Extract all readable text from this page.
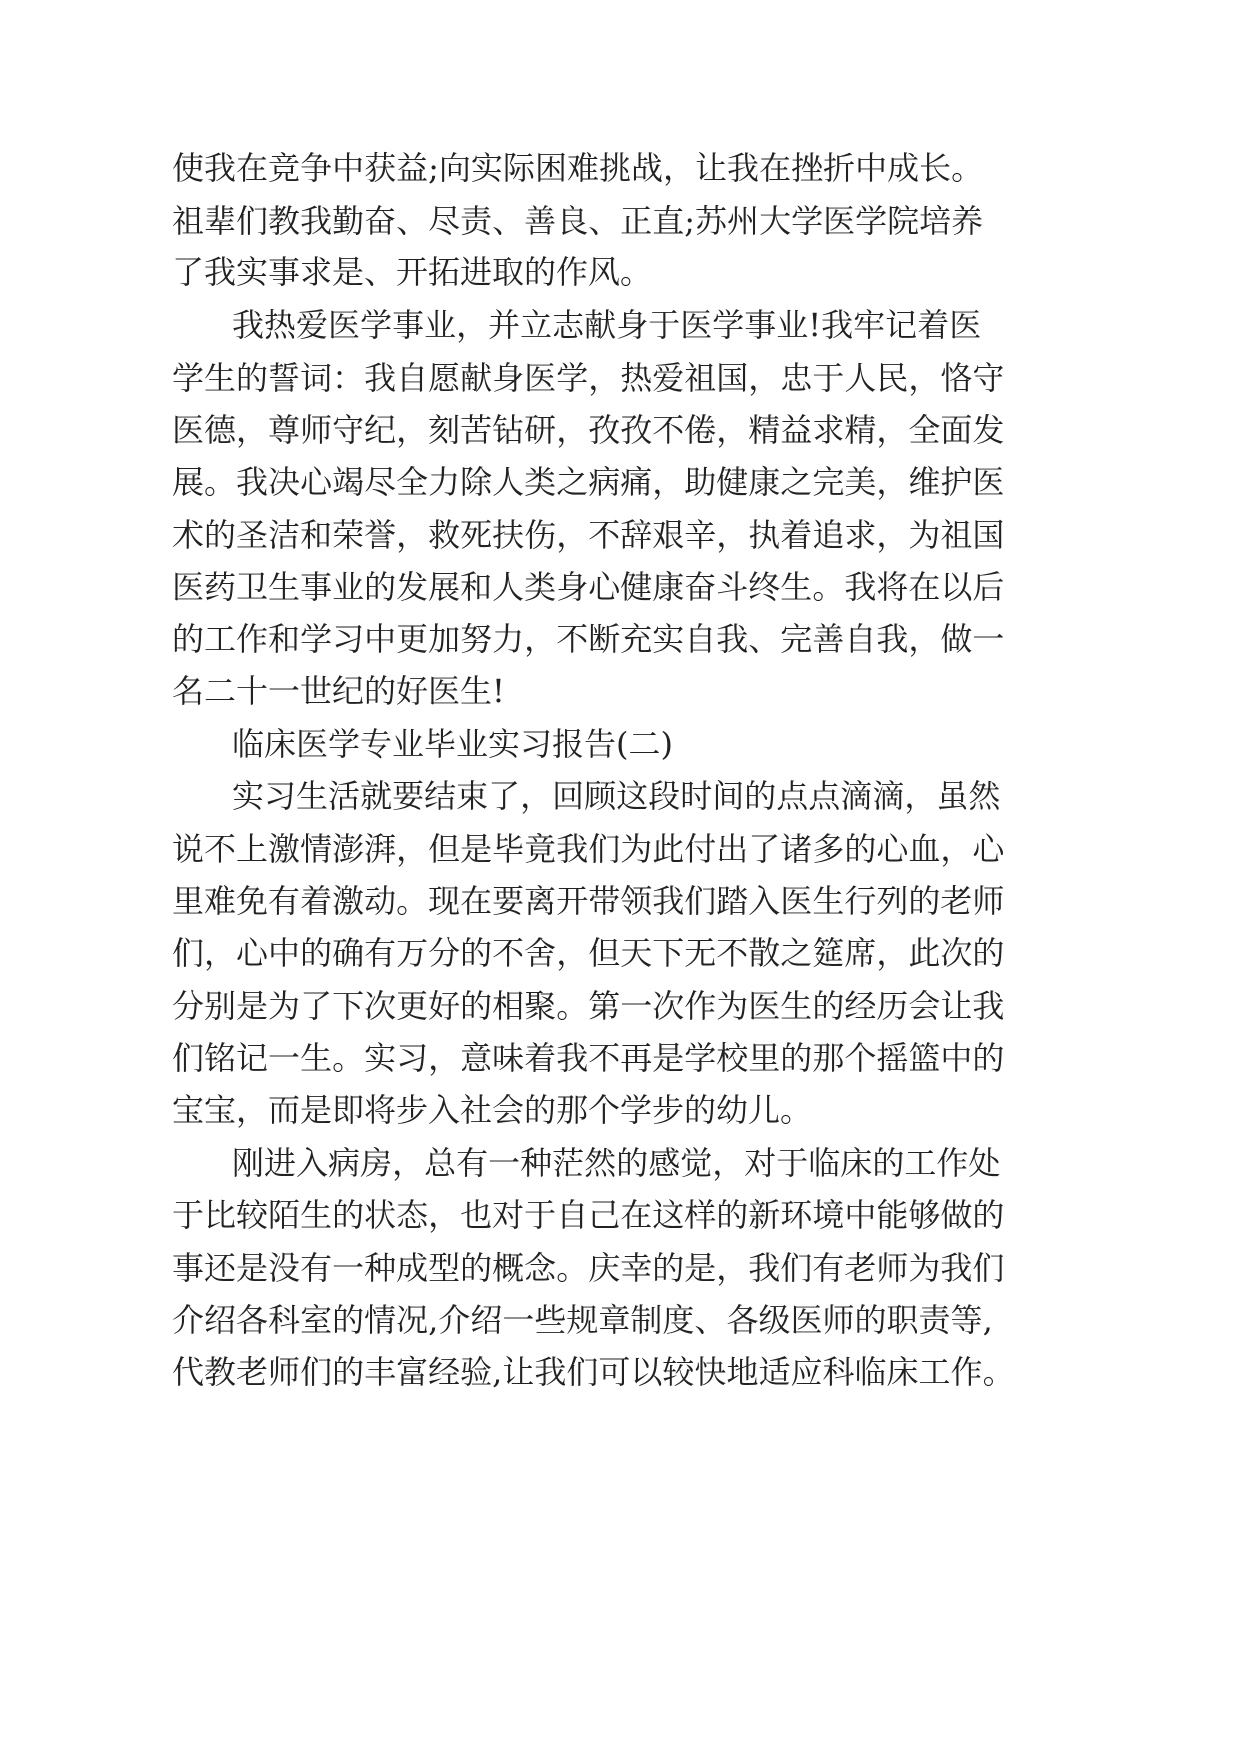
使 我 在 竞 争 中 获 益 ; 向 实 际 困 难 挑 战 ， 让 我 在 挫 折 中 成 长 。
祖 辈 们 教 我 勤 奋 、 尽 责 、 善 良 、 正 直 ; 苏 州 大 学 医 学 院 培 养
了我实事求是、开拓进取的作风。
我 热 爱 医 学 事 业 ， 并 立 志 献 身 于 医 学 事 业 ! 我 牢 记 着 医
学 生 的 誓 词 ： 我 自 愿 献 身 医 学 ， 热 爱 祖 国 ， 忠 于 人 民 ， 恪 守
医 德 ， 尊 师 守 纪 ， 刻 苦 钻 研 ， 孜 孜 不 倦 ， 精 益 求 精 ， 全 面 发
展 。 我 决 心 竭 尽 全 力 除 人 类 之 病 痛 ， 助 健 康 之 完 美 ， 维 护 医
术 的 圣 洁 和 荣 誉 ， 救 死 扶 伤 ， 不 辞 艰 辛 ， 执 着 追 求 ， 为 祖 国
医 药 卫 生 事 业 的 发 展 和 人 类 身 心 健 康 奋 斗 终 生 。 我 将 在 以 后
的 工 作 和 学 习 中 更 加 努 力 ， 不 断 充 实 自 我 、 完 善 自 我 ， 做 一
名二十一世纪的好医生!
临床医学专业毕业实习报告(二)
实 习 生 活 就 要 结 束 了 ， 回 顾 这 段 时 间 的 点 点 滴 滴 ， 虽 然
说 不 上 激 情 澎 湃 ， 但 是 毕 竟 我 们 为 此 付 出 了 诸 多 的 心 血 ， 心
里 难 免 有 着 激 动 。 现 在 要 离 开 带 领 我 们 踏 入 医 生 行 列 的 老 师
们 ， 心 中 的 确 有 万 分 的 不 舍 ， 但 天 下 无 不 散 之 筵 席 ， 此 次 的
分 别 是 为 了 下 次 更 好 的 相 聚 。 第 一 次 作 为 医 生 的 经 历 会 让 我
们 铭 记 一 生 。 实 习 ， 意 味 着 我 不 再 是 学 校 里 的 那 个 摇 篮 中 的
宝宝，而是即将步入社会的那个学步的幼儿。
刚 进 入 病 房 ， 总 有 一 种 茫 然 的 感 觉 ， 对 于 临 床 的 工 作 处
于 比 较 陌 生 的 状 态 ， 也 对 于 自 己 在 这 样 的 新 环 境 中 能 够 做 的
事 还 是 没 有 一 种 成 型 的 概 念 。 庆 幸 的 是 ， 我 们 有 老 师 为 我 们
介 绍 各 科 室 的 情 况 , 介 绍 一 些 规 章 制 度 、 各 级 医 师 的 职 责 等 ,
代 教 老 师 们 的 丰 富 经 验 , 让 我 们 可 以 较 快 地 适 应 科 临 床 工 作 。
